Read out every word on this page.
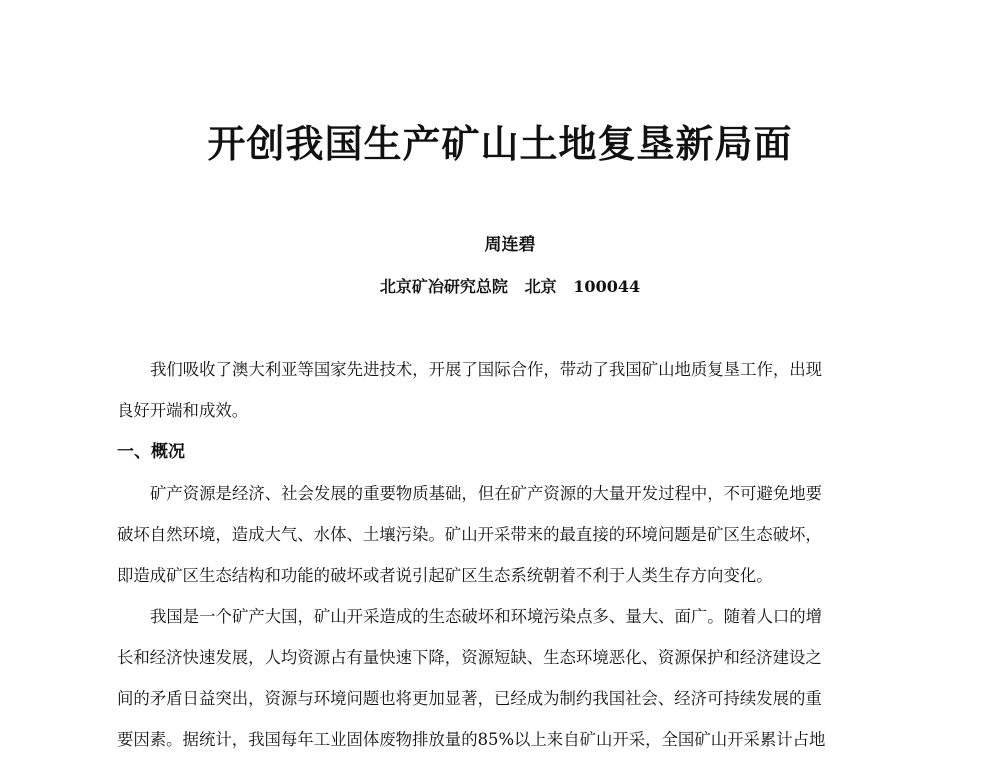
开创我国生产矿山土地复垦新局面
周连碧
北京矿冶研究总院   北京   100044
我们吸收了澳大利亚等国家先进技术，开展了国际合作，带动了我国矿山地质复垦工作，出现
良好开端和成效。
一、概况
矿产资源是经济、社会发展的重要物质基础，但在矿产资源的大量开发过程中，不可避免地要
破坏自然环境，造成大气、水体、土壤污染。矿山开采带来的最直接的环境问题是矿区生态破坏，
即造成矿区生态结构和功能的破坏或者说引起矿区生态系统朝着不利于人类生存方向变化。
我国是一个矿产大国，矿山开采造成的生态破坏和环境污染点多、量大、面广。随着人口的增
长和经济快速发展，人均资源占有量快速下降，资源短缺、生态环境恶化、资源保护和经济建设之
间的矛盾日益突出，资源与环境问题也将更加显著，已经成为制约我国社会、经济可持续发展的重
要因素。据统计，我国每年工业固体废物排放量的85%以上来自矿山开采，全国矿山开采累计占地
